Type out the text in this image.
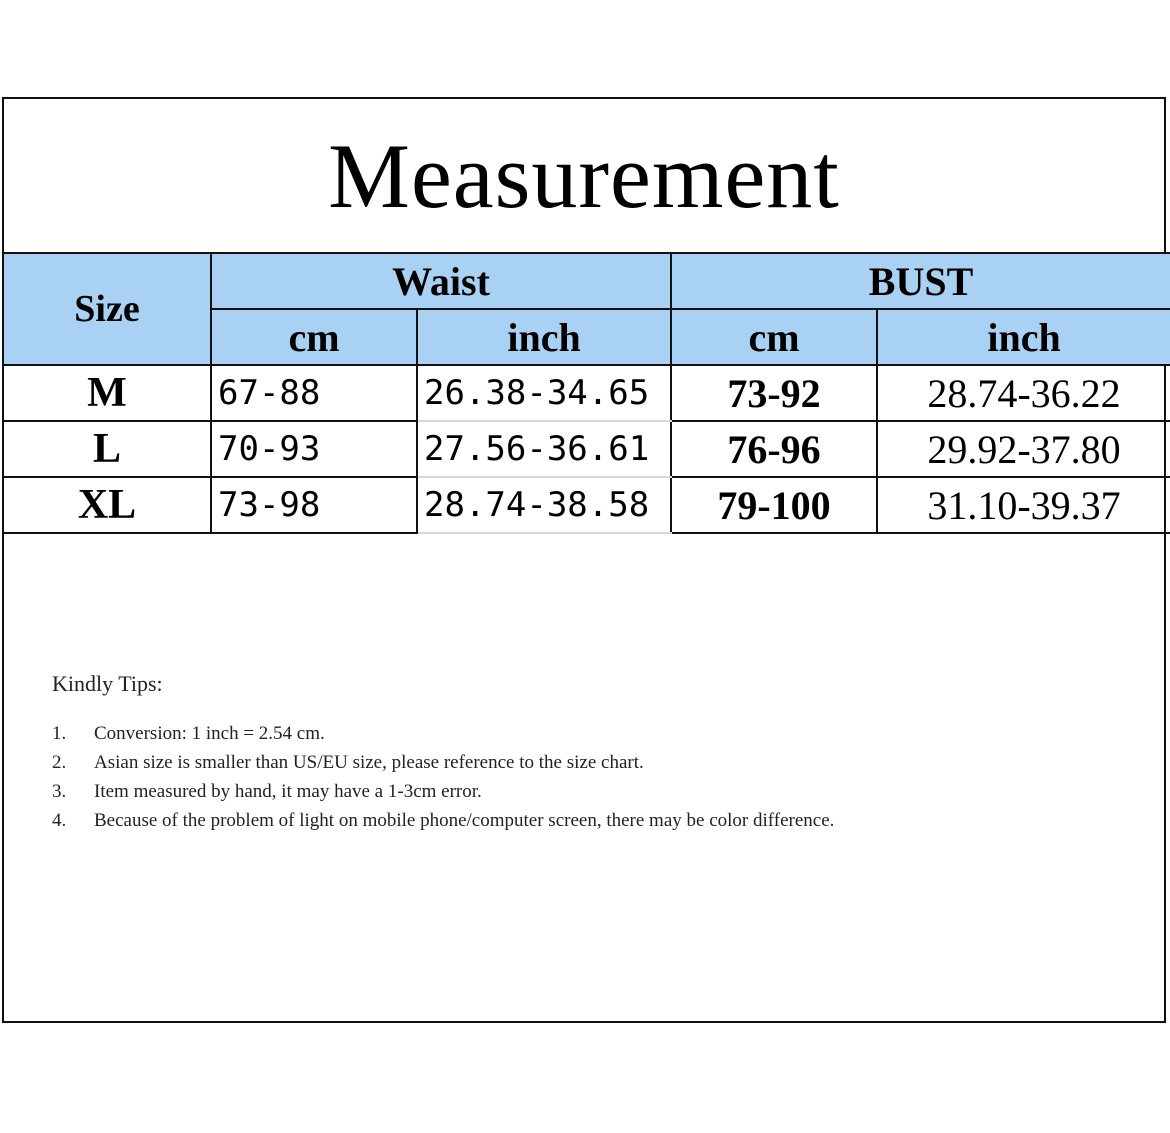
Measurement
Size	Waist		BUST	
	cm	inch	cm	inch
M	67-88	26.38-34.65	73-92	28.74-36.22
L	70-93	27.56-36.61	76-96	29.92-37.80
XL	73-98	28.74-38.58	79-100	31.10-39.37
Kindly Tips:
1.	Conversion: 1 inch = 2.54 cm.
2.	Asian size is smaller than US/EU size, please reference to the size chart.
3.	Item measured by hand, it may have a 1-3cm error.
4.	Because of the problem of light on mobile phone/computer screen, there may be color difference.
